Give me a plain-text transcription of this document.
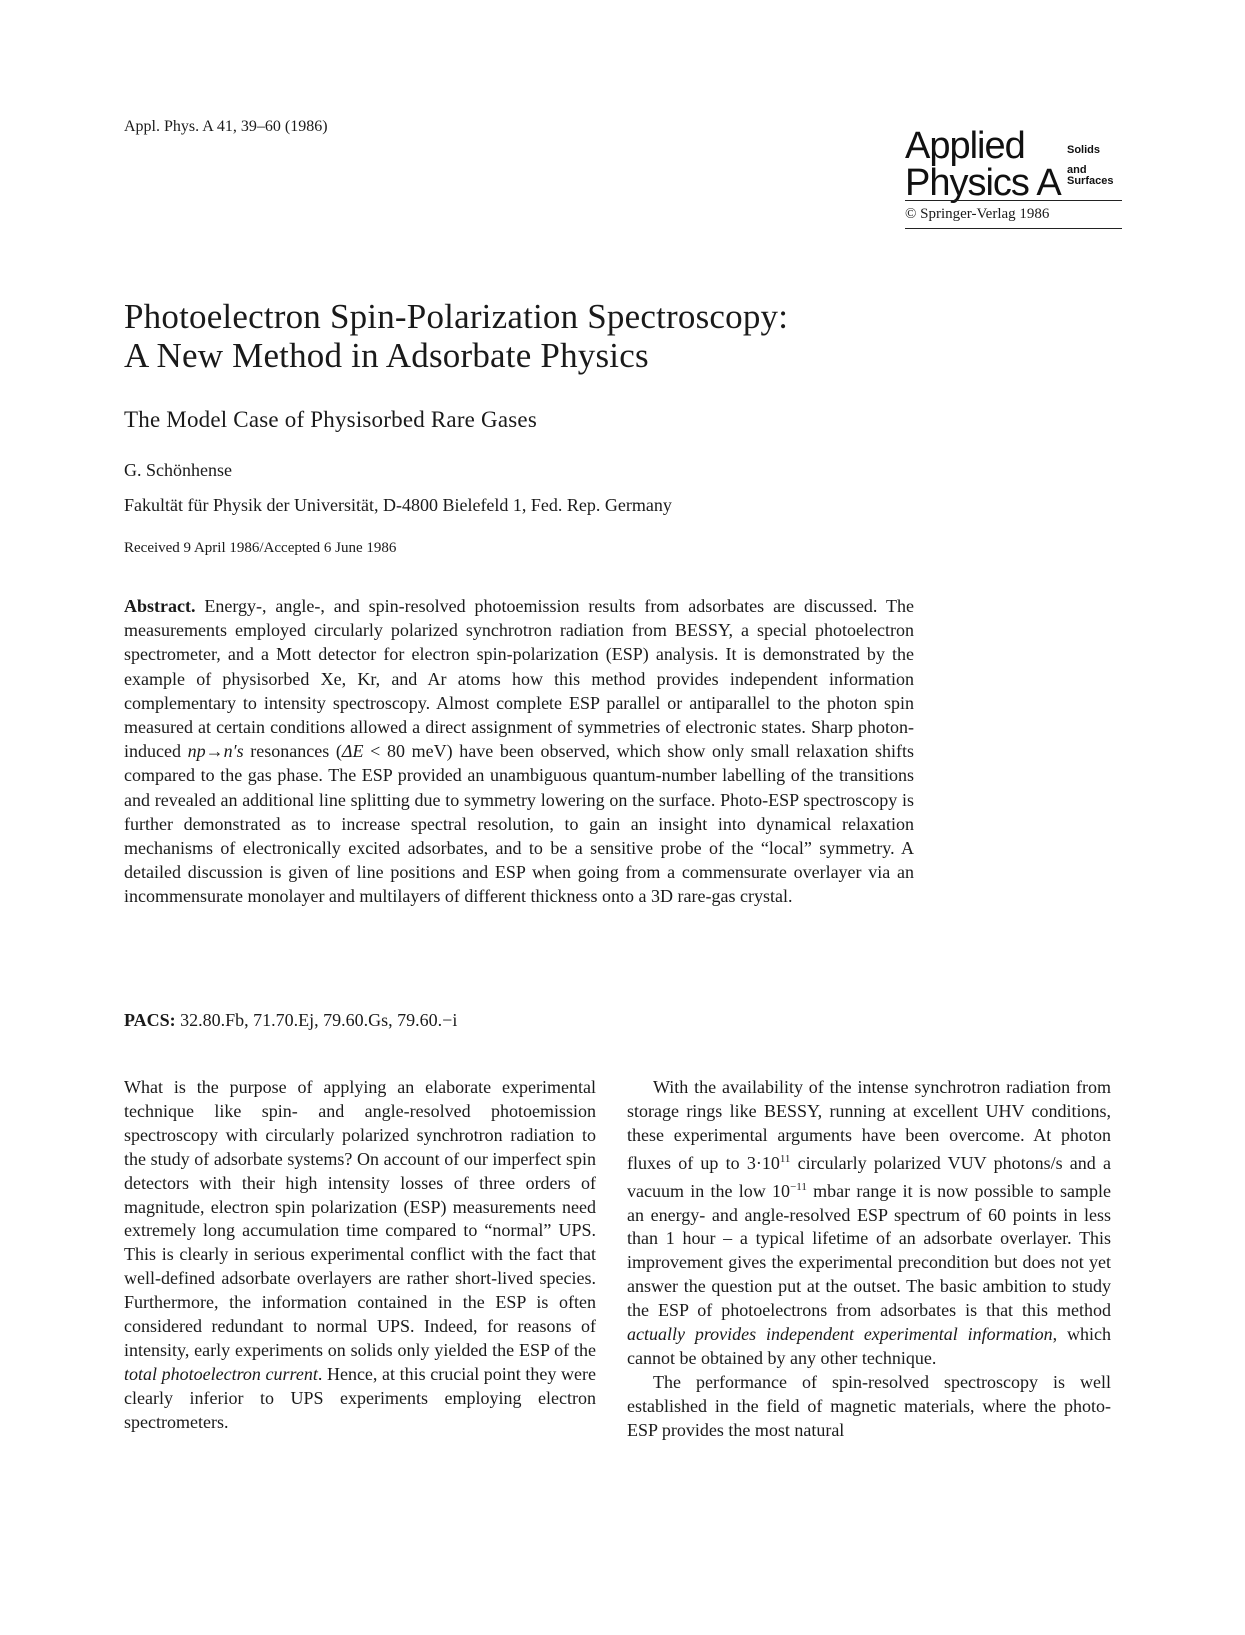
Appl. Phys. A 41, 39–60 (1986)	Applied	Solids
Physics A and
Surfaces
© Springer-Verlag 1986
Photoelectron Spin-Polarization Spectroscopy:
A New Method in Adsorbate Physics
The Model Case of Physisorbed Rare Gases
G. Schönhense
Fakultät für Physik der Universität, D-4800 Bielefeld 1, Fed. Rep. Germany
Received 9 April 1986/Accepted 6 June 1986
Abstract. Energy-, angle-, and spin-resolved photoemission results from adsorbates are discussed. The measurements employed circularly polarized synchrotron radiation from BESSY, a special photoelectron spectrometer, and a Mott detector for electron spin-polarization (ESP) analysis. It is demonstrated by the example of physisorbed Xe, Kr, and Ar atoms how this method provides independent information complementary to intensity spectroscopy. Almost complete ESP parallel or antiparallel to the photon spin measured at certain conditions allowed a direct assignment of symmetries of electronic states. Sharp photon-induced np→n′s resonances (ΔE < 80 meV) have been observed, which show only small relaxation shifts compared to the gas phase. The ESP provided an unambiguous quantum-number labelling of the transitions and revealed an additional line splitting due to symmetry lowering on the surface. Photo-ESP spectroscopy is further demonstrated as to increase spectral resolution, to gain an insight into dynamical relaxation mechanisms of electronically excited adsorbates, and to be a sensitive probe of the “local” symmetry. A detailed discussion is given of line positions and ESP when going from a commensurate overlayer via an incommensurate monolayer and multilayers of different thickness onto a 3D rare-gas crystal.
PACS: 32.80.Fb, 71.70.Ej, 79.60.Gs, 79.60.−i

What is the purpose of applying an elaborate experimental technique like spin- and angle-resolved photoemission spectroscopy with circularly polarized synchrotron radiation to the study of adsorbate systems? On account of our imperfect spin detectors with their high intensity losses of three orders of magnitude, electron spin polarization (ESP) measurements need extremely long accumulation time compared to “normal” UPS. This is clearly in serious experimental conflict with the fact that well-defined adsorbate overlayers are rather short-lived species. Furthermore, the information contained in the ESP is often considered redundant to normal UPS. Indeed, for reasons of intensity, early experiments on solids only yielded the ESP of the total photoelectron current. Hence, at this crucial point they were clearly inferior to UPS experiments employing electron spectrometers.

With the availability of the intense synchrotron radiation from storage rings like BESSY, running at excellent UHV conditions, these experimental arguments have been overcome. At photon fluxes of up to $3\cdot 10^{11}$ circularly polarized VUV photons/s and a vacuum in the low $10^{-11}$ mbar range it is now possible to sample an energy- and angle-resolved ESP spectrum of 60 points in less than 1 hour – a typical lifetime of an adsorbate overlayer. This improvement gives the experimental precondition but does not yet answer the question put at the outset. The basic ambition to study the ESP of photoelectrons from adsorbates is that this method actually provides independent experimental information, which cannot be obtained by any other technique.

The performance of spin-resolved spectroscopy is well established in the field of magnetic materials, where the photo-ESP provides the most natural
